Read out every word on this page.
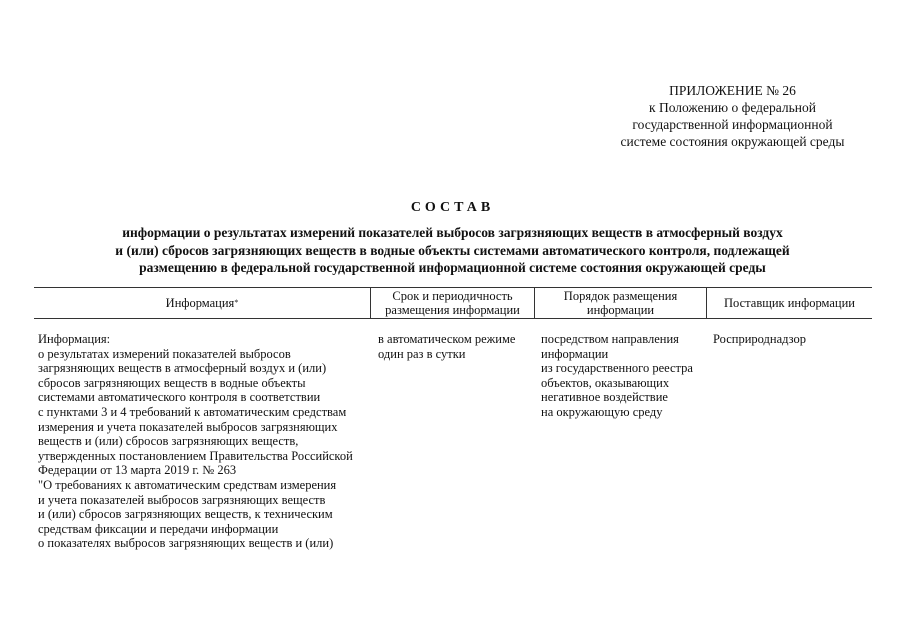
ПРИЛОЖЕНИЕ № 26
к Положению о федеральной
государственной информационной
системе состояния окружающей среды
СОСТАВ
информации о результатах измерений показателей выбросов загрязняющих веществ в атмосферный воздух
и (или) сбросов загрязняющих веществ в водные объекты системами автоматического контроля, подлежащей
размещению в федеральной государственной информационной системе состояния окружающей среды
Информация *	Срок и периодичность
размещения информации
Порядок размещения
информации	Поставщик информации
Информация:
о результатах измерений показателей выбросов
загрязняющих веществ в атмосферный воздух и (или)
сбросов загрязняющих веществ в водные объекты
системами автоматического контроля в соответствии
с пунктами 3 и 4 требований к автоматическим средствам
измерения и учета показателей выбросов загрязняющих
веществ и (или) сбросов загрязняющих веществ,
утвержденных постановлением Правительства Российской
Федерации от 13 марта 2019 г. № 263
"О требованиях к автоматическим средствам измерения
и учета показателей выбросов загрязняющих веществ
и (или) сбросов загрязняющих веществ, к техническим
средствам фиксации и передачи информации
о показателях выбросов загрязняющих веществ и (или)
в автоматическом режиме
один раз в сутки
посредством направления
информации
из государственного реестра
объектов, оказывающих
негативное воздействие
на окружающую среду
Росприроднадзор
